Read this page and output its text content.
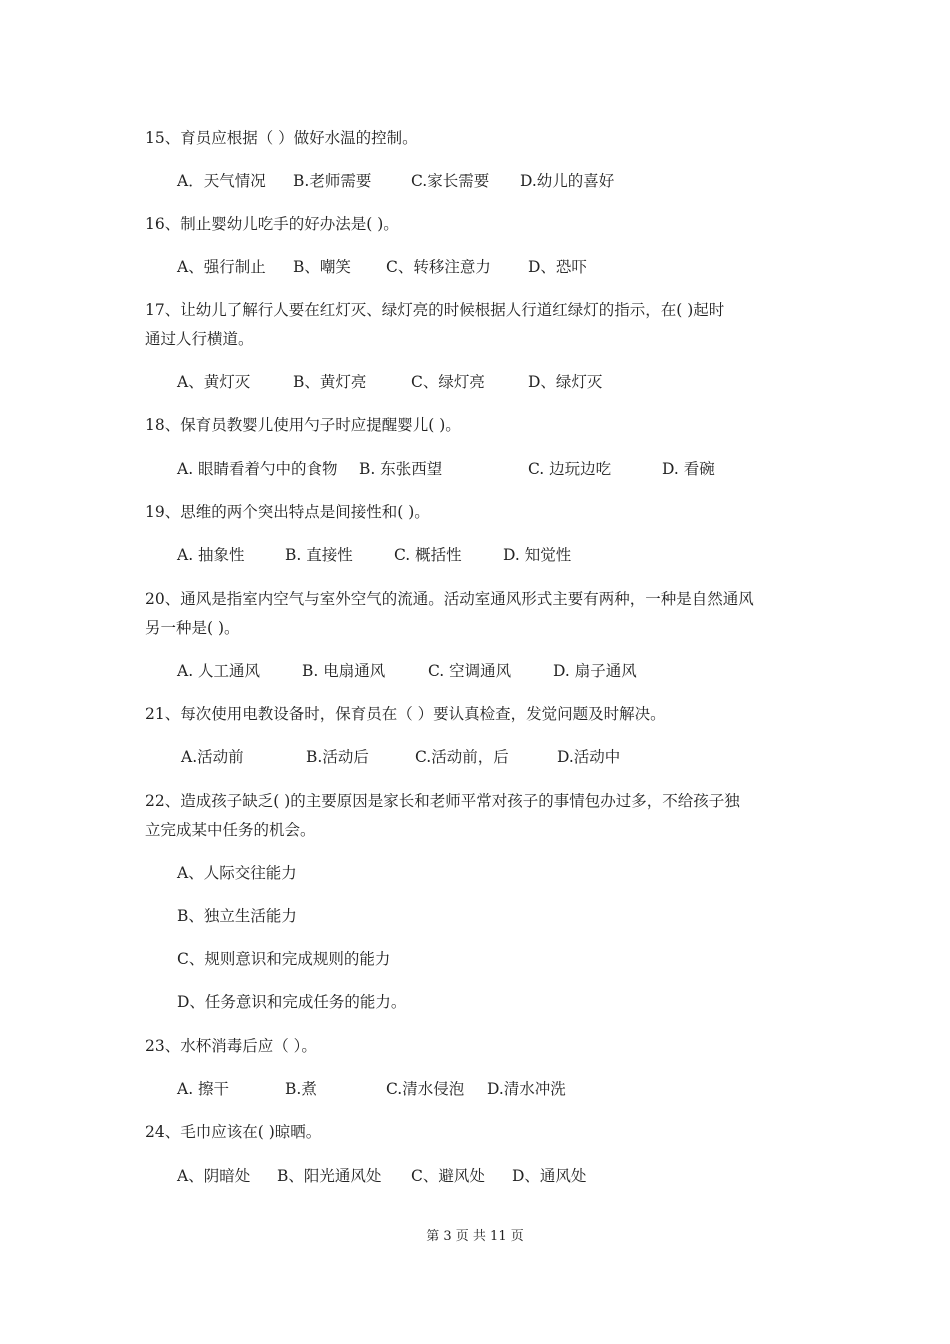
15、育员应根据（ ）做好水温的控制。
A．天气情况 B.老师需要	C.家长需要 D.幼儿的喜好
16、制止婴幼儿吃手的好办法是( )。
A、强行制止 B、嘲笑 C、转移注意力 D、恐吓
17、让幼儿了解行人要在红灯灭、绿灯亮的时候根据人行道红绿灯的指示，在( )起时
通过人行横道。
A、黄灯灭	B、黄灯亮	C、绿灯亮	D、绿灯灭
18、保育员教婴儿使用勺子时应提醒婴儿( )。
A. 眼睛看着勺中的食物 B. 东张西望	C. 边玩边吃	D. 看碗
19、思维的两个突出特点是间接性和( )。
A. 抽象性	B. 直接性	C. 概括性	D. 知觉性
20、通风是指室内空气与室外空气的流通。活动室通风形式主要有两种，一种是自然通风
另一种是( )。
A. 人工通风	B. 电扇通风	C. 空调通风	D. 扇子通风
21、每次使用电教设备时，保育员在（ ）要认真检查，发觉问题及时解决。
A.活动前	B.活动后	C.活动前，后	D.活动中
22、造成孩子缺乏( )的主要原因是家长和老师平常对孩子的事情包办过多，不给孩子独
立完成某中任务的机会。
A、人际交往能力
B、独立生活能力
C、规则意识和完成规则的能力
D、任务意识和完成任务的能力。
23、水杯消毒后应（ ）。
A. 擦干	B.煮	C.清水侵泡 D.清水冲洗
24、毛巾应该在( )晾晒。
A、阴暗处 B、阳光通风处 C、避风处 D、通风处
第 3 页 共 11 页
